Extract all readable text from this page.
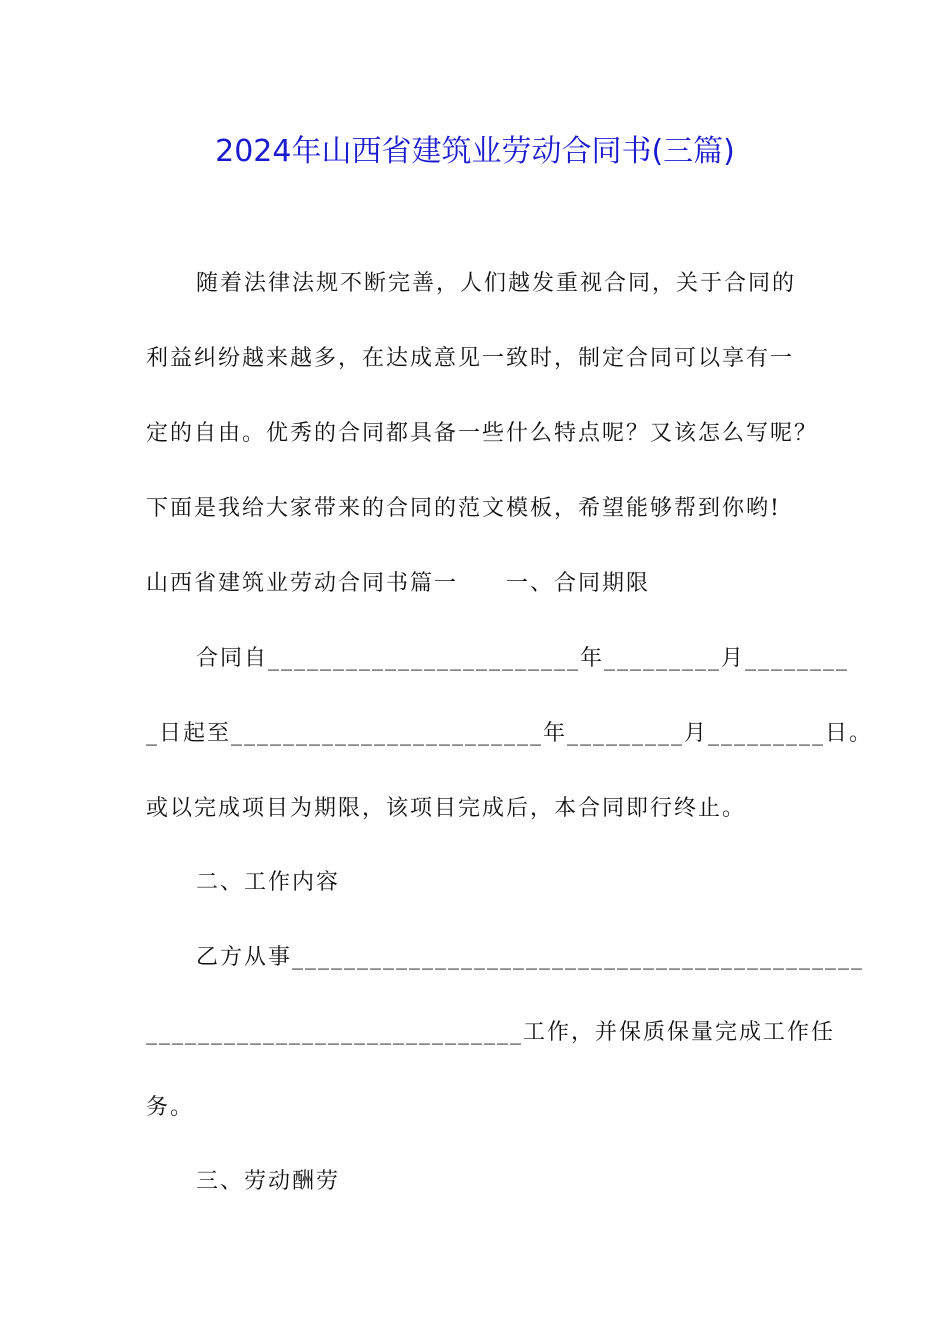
2024年山西省建筑业劳动合同书(三篇)
随着法律法规不断完善，人们越发重视合同，关于合同的
利益纠纷越来越多，在达成意见一致时，制定合同可以享有一
定的自由。优秀的合同都具备一些什么特点呢？又该怎么写呢？
下面是我给大家带来的合同的范文模板，希望能够帮到你哟!
山西省建筑业劳动合同书篇一　　一、合同期限
合同自________________________年_________月________
_日起至________________________年_________月_________日。
或以完成项目为期限，该项目完成后，本合同即行终止。
二、工作内容
乙方从事____________________________________________
_____________________________工作，并保质保量完成工作任
务。
三、劳动酬劳
